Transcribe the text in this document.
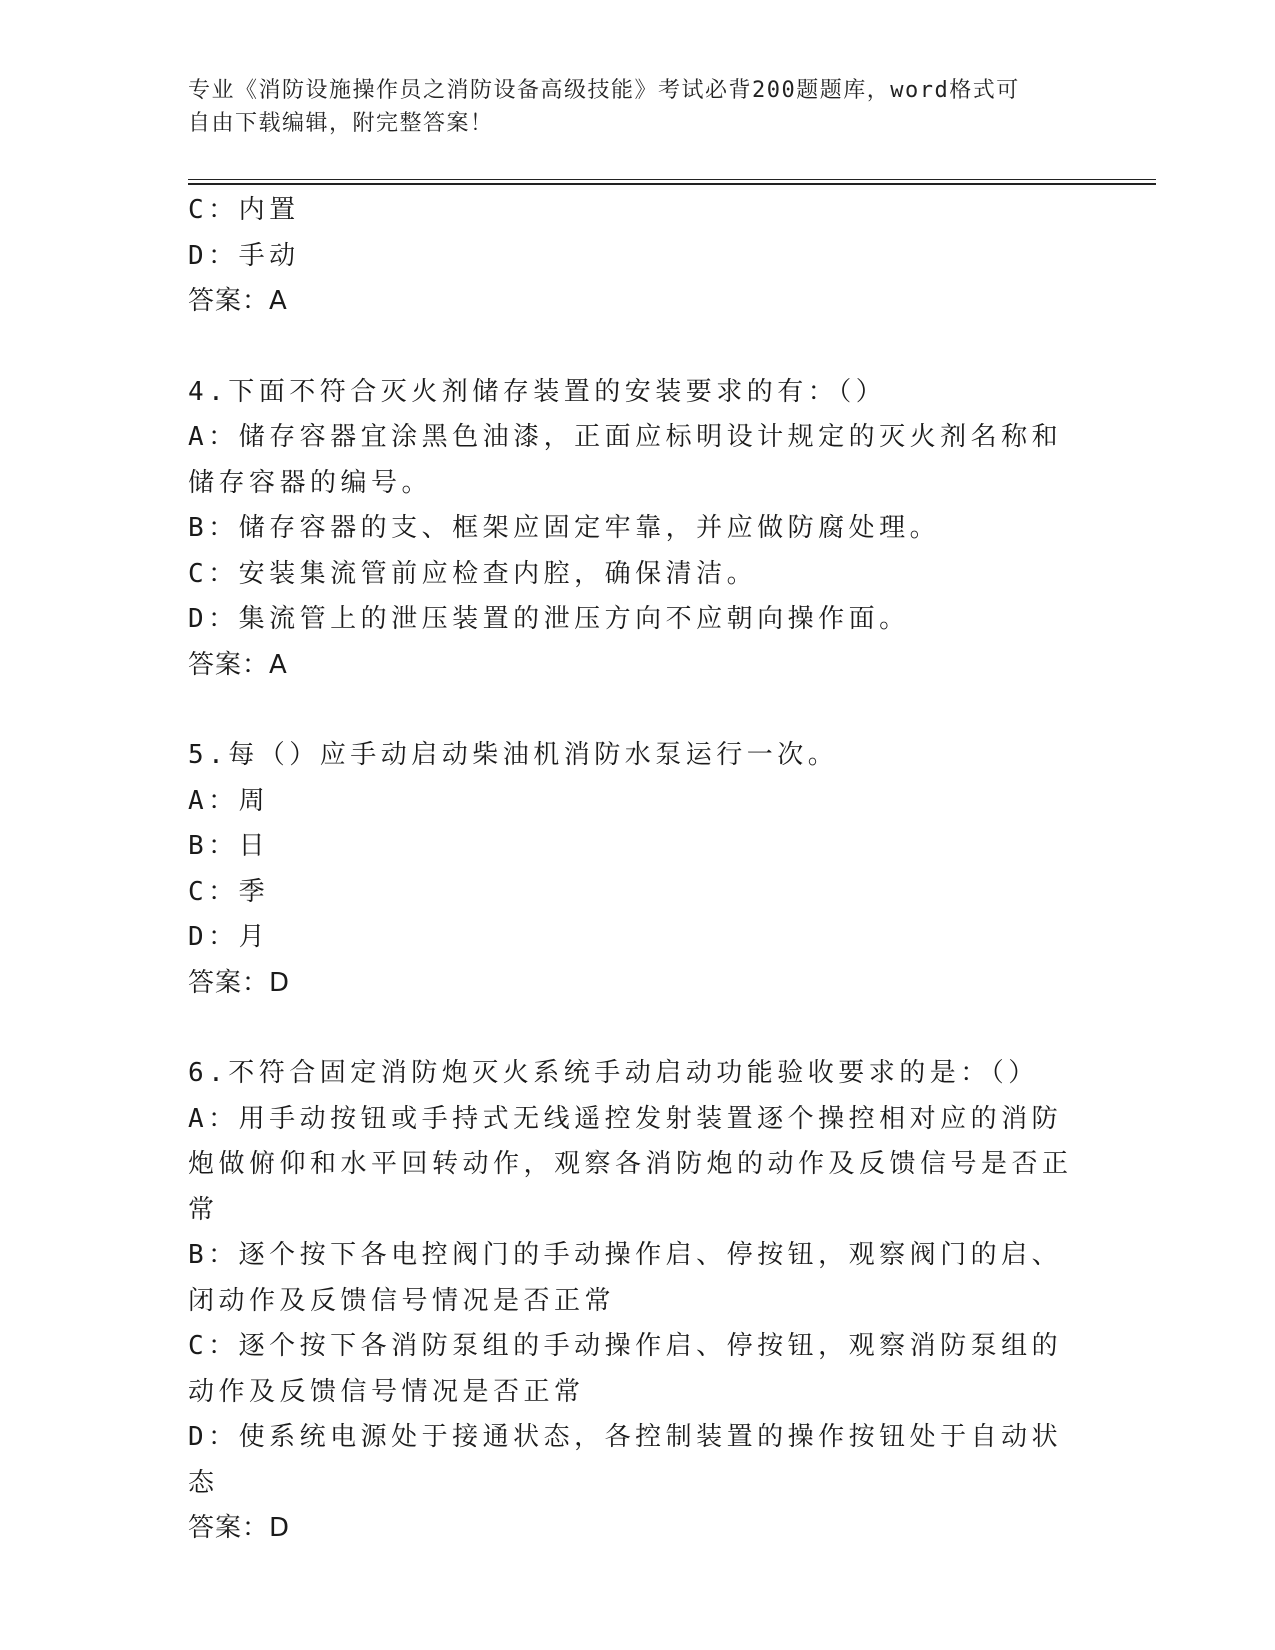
专业《消防设施操作员之消防设备高级技能》考试必背200题题库，word格式可
自由下载编辑，附完整答案！

C：内置

D：手动

答案：A

4.下面不符合灭火剂储存装置的安装要求的有：（）

A：储存容器宜涂黑色油漆，正面应标明设计规定的灭火剂名称和储存容器的编号。

B：储存容器的支、框架应固定牢靠，并应做防腐处理。

C：安装集流管前应检查内腔，确保清洁。

D：集流管上的泄压装置的泄压方向不应朝向操作面。

答案：A

5.每（）应手动启动柴油机消防水泵运行一次。

A：周

B：日

C：季

D：月

答案：D

6.不符合固定消防炮灭火系统手动启动功能验收要求的是：（）

A：用手动按钮或手持式无线遥控发射装置逐个操控相对应的消防炮做俯仰和水平回转动作，观察各消防炮的动作及反馈信号是否正常

B：逐个按下各电控阀门的手动操作启、停按钮，观察阀门的启、闭动作及反馈信号情况是否正常

C：逐个按下各消防泵组的手动操作启、停按钮，观察消防泵组的动作及反馈信号情况是否正常

D：使系统电源处于接通状态，各控制装置的操作按钮处于自动状态

答案：D
